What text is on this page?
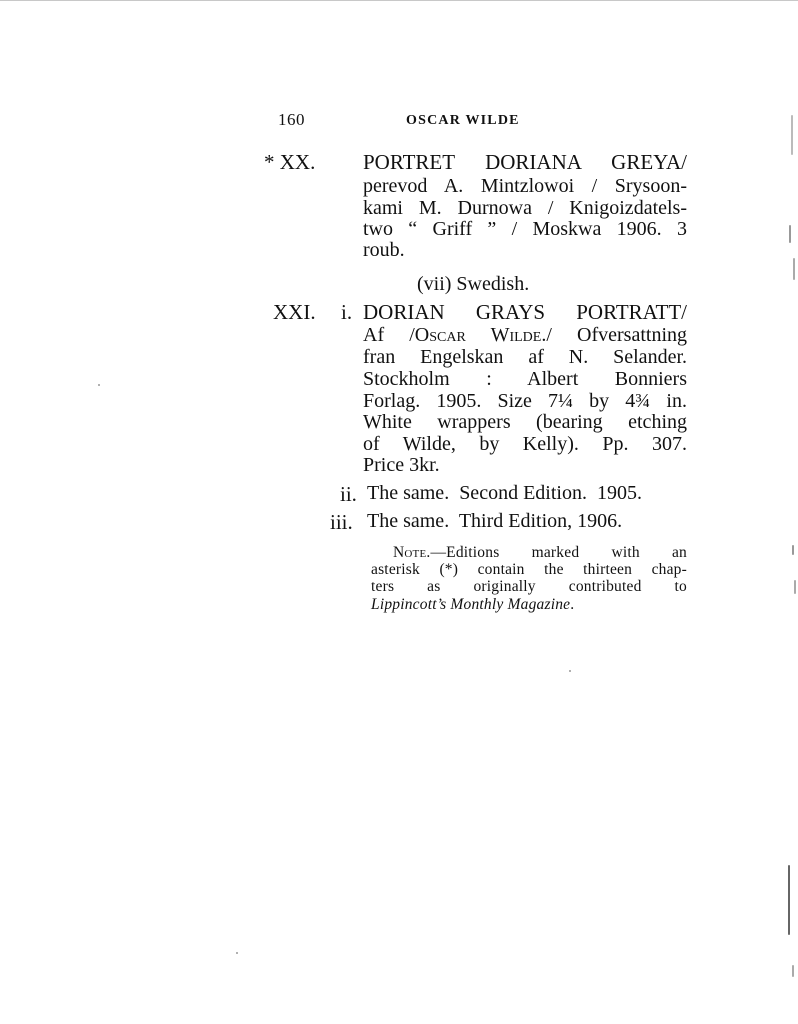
160	OSCAR WILDE
* XX. PORTRET DORIANA GREYA/
perevod A. Mintzlowoi / Srysoon-
kami M. Durnowa / Knigoizdatels-
two “ Griff ” / Moskwa 1906. 3
roub.
(vii) Swedish.
XXI. i. DORIAN GRAYS PORTRATT/
Af /Oscar Wilde./ Ofversattning
fran Engelskan af N. Selander.
Stockholm : Albert Bonniers
Forlag. 1905. Size 7¼ by 4¾ in.
White wrappers (bearing etching
of Wilde, by Kelly). Pp. 307.
Price 3kr.
ii. The same.  Second Edition.  1905.
iii. The same.  Third Edition, 1906.
Note.—Editions marked with an
asterisk (*) contain the thirteen chap-
ters as originally contributed to
Lippincott’s Monthly Magazine.
